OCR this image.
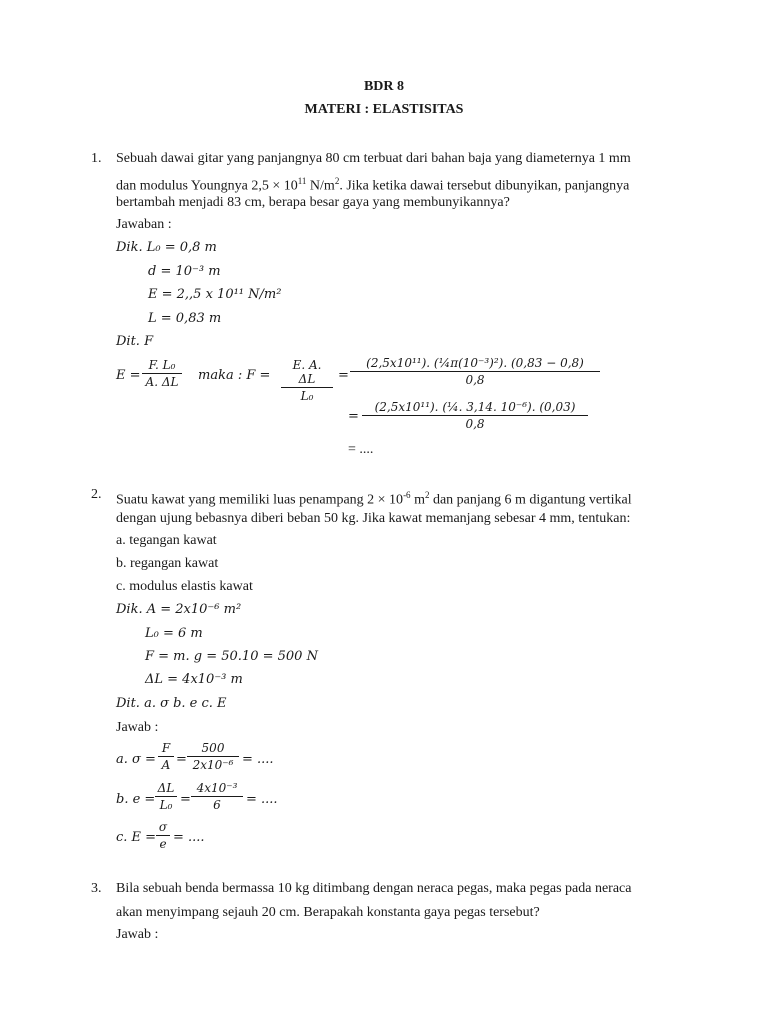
BDR 8
MATERI : ELASTISITAS
1. Sebuah dawai gitar yang panjangnya 80 cm terbuat dari bahan baja yang diameternya 1 mm
dan modulus Youngnya $2,5 \times 10^{11}$ $N/m^2$. Jika ketika dawai tersebut dibunyikan, panjangnya
bertambah menjadi 83 cm, berapa besar gaya yang membunyikannya?
Jawaban :
Dik. L₀ = 0,8 m
d = 10⁻³ m
E = 2,,5 x 10¹¹ N/m²
L = 0,83 m
Dit. F
$E = \frac{\text{F. L₀}}{A. \Delta L}$ maka : $F = \frac{E. A. \Delta L}{\text{L₀}} = \frac{\text{(2,5x10¹¹). (¼π(10⁻³)²). (0,83 − 0,8)}}{0,8}$
= $\frac{\text{(2,5x10¹¹). (¼. 3,14. 10⁻⁶). (0,03)}}{0,8}$
= ....
2. Suatu kawat yang memiliki luas penampang $2 \times 10^{-6}$ $m^2$ dan panjang 6 m digantung vertikal
dengan ujung bebasnya diberi beban 50 kg. Jika kawat memanjang sebesar 4 mm, tentukan:
a. tegangan kawat
b. regangan kawat
c. modulus elastis kawat
Dik. A = 2x10⁻⁶ m²
L₀ = 6 m
F = m. g = 50.10 = 500 N
ΔL = 4x10⁻³ m
Dit. a. σ b. e c. E
Jawab :
a. $\sigma = \frac{F}{A} = \frac{500}{\text{2x10⁻⁶}}$ = ....
b. $e = \frac{\Delta L}{\text{L₀}} = \frac{\text{4x10⁻³}}{6}$ = ....
c. $E = \frac{\sigma}{e}$ = ....
3. Bila sebuah benda bermassa 10 kg ditimbang dengan neraca pegas, maka pegas pada neraca
akan menyimpang sejauh 20 cm. Berapakah konstanta gaya pegas tersebut?
Jawab :
